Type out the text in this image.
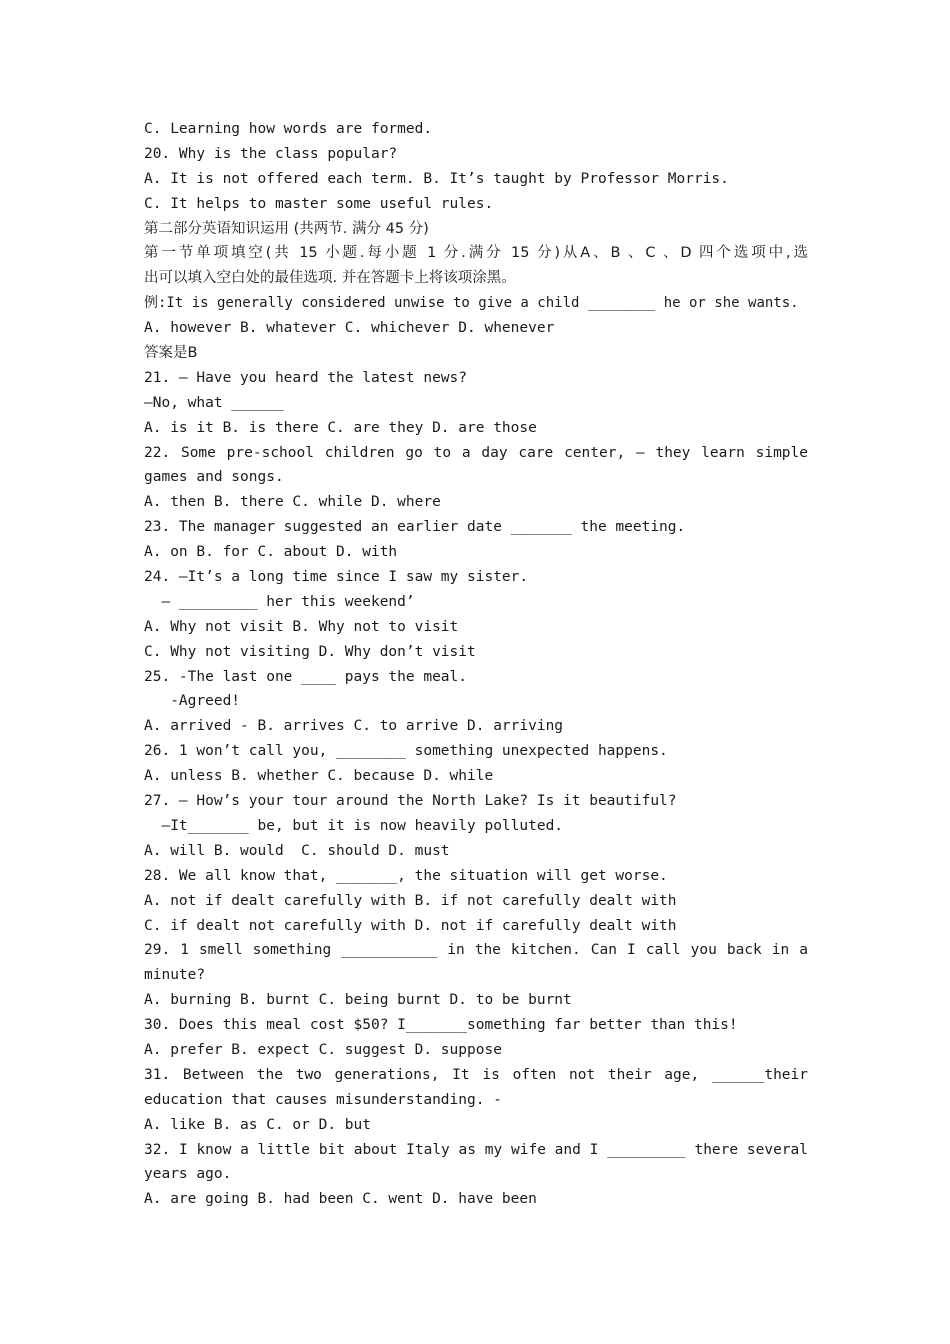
C. Learning how words are formed.
20. Why is the class popular?
A. It is not offered each term. B. It’s taught by Professor Morris.
C. It helps to master some useful rules.
第二部分英语知识运用 (共两节. 满分 45 分)
第一节单项填空(共 15 小题.每小题 1 分.满分 15 分)从A、B 、C 、D 四个选项中,选
出可以填入空白处的最佳选项. 并在答题卡上将该项涂黑。
例:It is generally considered unwise to give a child ________ he or she wants.
A. however B. whatever C. whichever D. whenever
答案是B
21. — Have you heard the latest news?
—No, what ______
A. is it B. is there C. are they D. are those
22. Some pre-school children go to a day care center, — they learn simple
games and songs.
A. then B. there C. while D. where
23. The manager suggested an earlier date _______ the meeting.
A. on B. for C. about D. with
24. —It’s a long time since I saw my sister.
— _________ her this weekend’
A. Why not visit B. Why not to visit
C. Why not visiting D. Why don’t visit
25. -The last one ____ pays the meal.
-Agreed!
A. arrived - B. arrives C. to arrive D. arriving
26. 1 won’t call you, ________ something unexpected happens.
A. unless B. whether C. because D. while
27. — How’s your tour around the North Lake? Is it beautiful?
—It_______ be, but it is now heavily polluted.
A. will B. would  C. should D. must
28. We all know that, _______, the situation will get worse.
A. not if dealt carefully with B. if not carefully dealt with
C. if dealt not carefully with D. not if carefully dealt with
29. 1 smell something ___________ in the kitchen. Can I call you back in a
minute?
A. burning B. burnt C. being burnt D. to be burnt
30. Does this meal cost $50? I_______something far better than this!
A. prefer B. expect C. suggest D. suppose
31. Between the two generations, It is often not their age, ______their
education that causes misunderstanding. -
A. like B. as C. or D. but
32. I know a little bit about Italy as my wife and I _________ there several
years ago.
A. are going B. had been C. went D. have been
